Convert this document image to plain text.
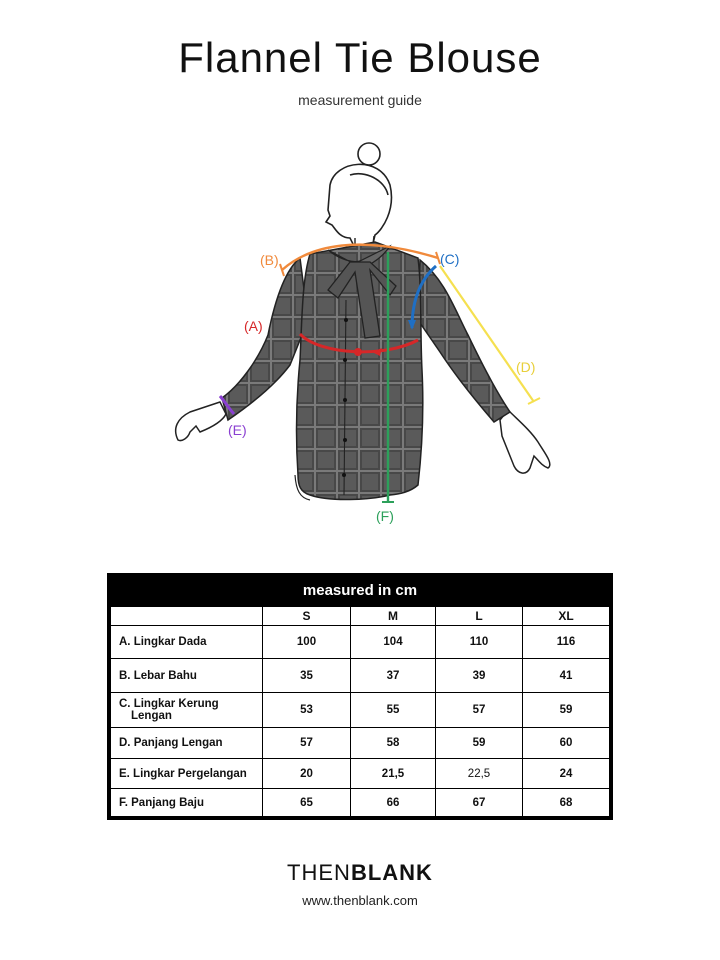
Flannel Tie Blouse
measurement guide
(B)	(C)
(A)
(D)
(E)
(F)
measured in cm
	S	M	L	XL
A. Lingkar Dada	100	104	110	116
B. Lebar Bahu	35	37	39	41
C. Lingkar Kerung
Lengan	53	55	57	59
D. Panjang Lengan	57	58	59	60
E. Lingkar Pergelangan	20	21,5	22,5	24
F. Panjang Baju	65	66	67	68
THENBLANK
www.thenblank.com
